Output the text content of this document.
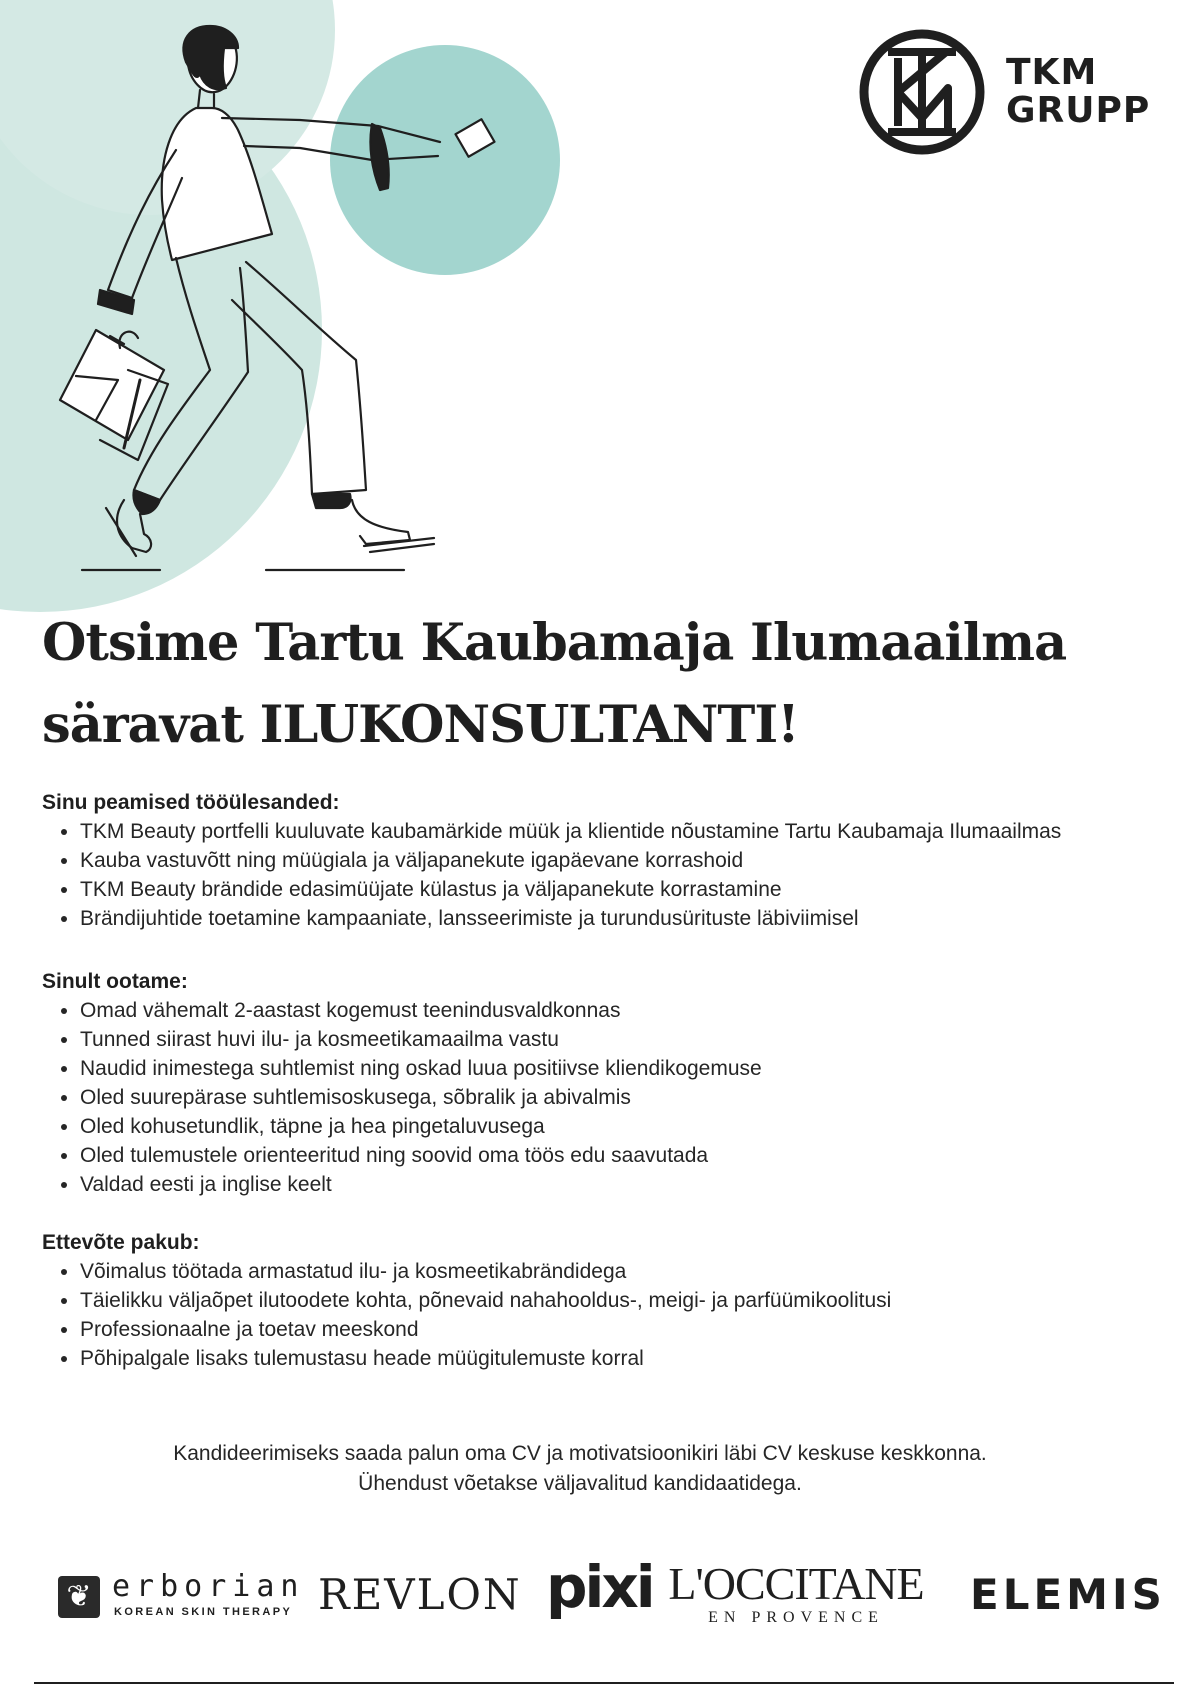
TKM
GRUPP
Otsime Tartu Kaubamaja Ilumaailma
säravat ILUKONSULTANTI!
Sinu peamised tööülesanded:
• TKM Beauty portfelli kuuluvate kaubamärkide müük ja klientide nõustamine Tartu Kaubamaja Ilumaailmas
• Kauba vastuvõtt ning müügiala ja väljapanekute igapäevane korrashoid
• TKM Beauty brändide edasimüüjate külastus ja väljapanekute korrastamine
• Brändijuhtide toetamine kampaaniate, lansseerimiste ja turundusürituste läbiviimisel
Sinult ootame:
• Omad vähemalt 2-aastast kogemust teenindusvaldkonnas
• Tunned siirast huvi ilu- ja kosmeetikamaailma vastu
• Naudid inimestega suhtlemist ning oskad luua positiivse kliendikogemuse
• Oled suurepärase suhtlemisoskusega, sõbralik ja abivalmis
• Oled kohusetundlik, täpne ja hea pingetaluvusega
• Oled tulemustele orienteeritud ning soovid oma töös edu saavutada
• Valdad eesti ja inglise keelt
Ettevõte pakub:
• Võimalus töötada armastatud ilu- ja kosmeetikabrändidega
• Täielikku väljaõpet ilutoodete kohta, põnevaid nahahooldus-, meigi- ja parfüümikoolitusi
• Professionaalne ja toetav meeskond
• Põhipalgale lisaks tulemustasu heade müügitulemuste korral
Kandideerimiseks saada palun oma CV ja motivatsioonikiri läbi CV keskuse keskkonna.
Ühendust võetakse väljavalitud kandidaatidega.
❦ erborian
KOREAN SKIN THERAPY REVLON pixi L'OCCITANE
EN PROVENCE	ELEMIS
